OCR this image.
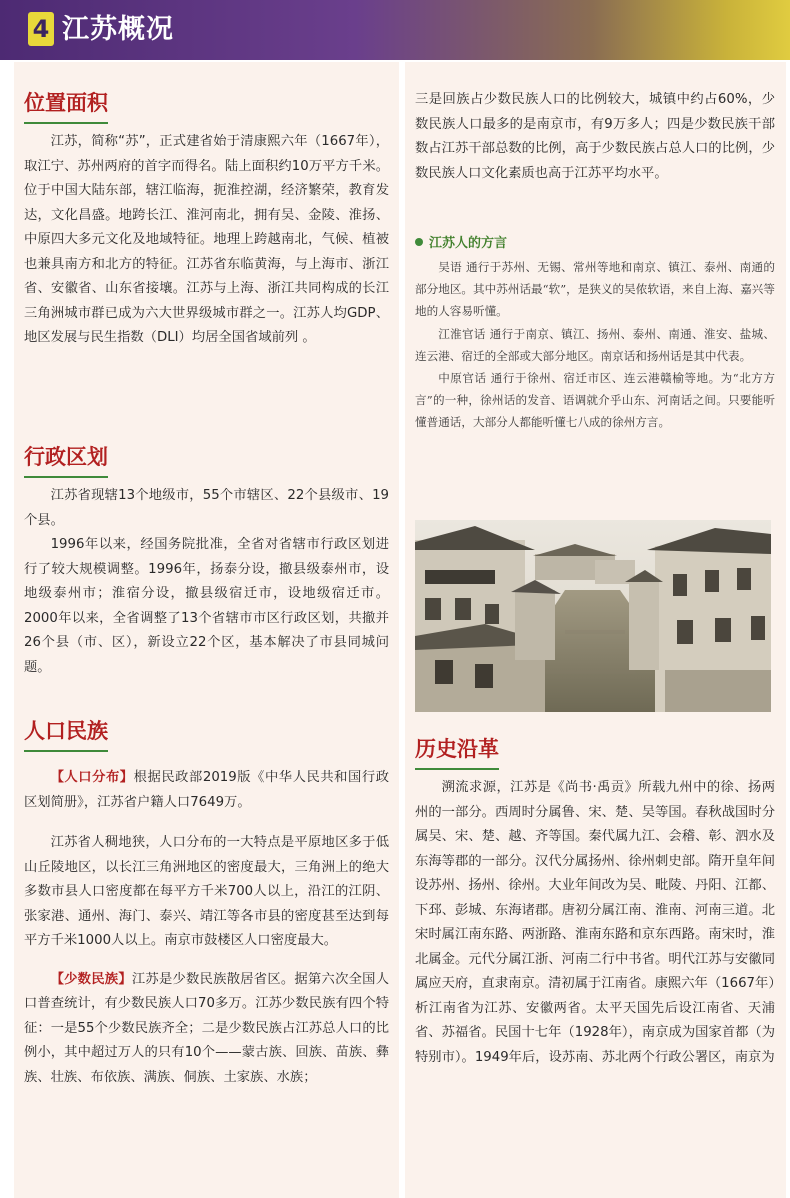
4 江苏概况
位置面积
江苏，简称“苏”，正式建省始于清康熙六年（1667年），取江宁、苏州两府的首字而得名。陆上面积约10万平方千米。位于中国大陆东部，辖江临海，扼淮控湖，经济繁荣，教育发达，文化昌盛。地跨长江、淮河南北，拥有吴、金陵、淮扬、中原四大多元文化及地域特征。地理上跨越南北，气候、植被也兼具南方和北方的特征。江苏省东临黄海，与上海市、浙江省、安徽省、山东省接壤。江苏与上海、浙江共同构成的长江三角洲城市群已成为六大世界级城市群之一。江苏人均GDP、地区发展与民生指数（DLI）均居全国省域前列 。
行政区划
江苏省现辖13个地级市，55个市辖区、22个县级市、19个县。
1996年以来，经国务院批准，全省对省辖市行政区划进行了较大规模调整。1996年，扬泰分设，撤县级泰州市，设地级泰州市；淮宿分设，撤县级宿迁市，设地级宿迁市。2000年以来，全省调整了13个省辖市市区行政区划，共撤并26个县（市、区），新设立22个区，基本解决了市县同城问题。
人口民族
【人口分布】根据民政部2019版《中华人民共和国行政区划简册》，江苏省户籍人口7649万。
江苏省人稠地狭，人口分布的一大特点是平原地区多于低山丘陵地区，以长江三角洲地区的密度最大，三角洲上的绝大多数市县人口密度都在每平方千米700人以上，沿江的江阴、张家港、通州、海门、泰兴、靖江等各市县的密度甚至达到每平方千米1000人以上。南京市鼓楼区人口密度最大。
【少数民族】江苏是少数民族散居省区。据第六次全国人口普查统计，有少数民族人口70多万。江苏少数民族有四个特征：一是55个少数民族齐全；二是少数民族占江苏总人口的比例小，其中超过万人的只有10个——蒙古族、回族、苗族、彝族、壮族、布依族、满族、侗族、土家族、水族；
三是回族占少数民族人口的比例较大，城镇中约占60%，少数民族人口最多的是南京市，有9万多人；四是少数民族干部数占江苏干部总数的比例，高于少数民族占总人口的比例，少数民族人口文化素质也高于江苏平均水平。
江苏人的方言
吴语 通行于苏州、无锡、常州等地和南京、镇江、泰州、南通的部分地区。其中苏州话最“软”，是狭义的吴侬软语，来自上海、嘉兴等地的人容易听懂。
江淮官话 通行于南京、镇江、扬州、泰州、南通、淮安、盐城、连云港、宿迁的全部或大部分地区。南京话和扬州话是其中代表。
中原官话 通行于徐州、宿迁市区、连云港赣榆等地。为“北方方言”的一种，徐州话的发音、语调就介乎山东、河南话之间。只要能听懂普通话，大部分人都能听懂七八成的徐州方言。
历史沿革
溯流求源，江苏是《尚书·禹贡》所载九州中的徐、扬两州的一部分。西周时分属鲁、宋、楚、吴等国。春秋战国时分属吴、宋、楚、越、齐等国。秦代属九江、会稽、彰、泗水及东海等郡的一部分。汉代分属扬州、徐州刺史部。隋开皇年间设苏州、扬州、徐州。大业年间改为吴、毗陵、丹阳、江都、下邳、彭城、东海诸郡。唐初分属江南、淮南、河南三道。北宋时属江南东路、两浙路、淮南东路和京东西路。南宋时，淮北属金。元代分属江浙、河南二行中书省。明代江苏与安徽同属应天府，直隶南京。清初属于江南省。康熙六年（1667年）析江南省为江苏、安徽两省。太平天国先后设江南省、天浦省、苏福省。民国十七年（1928年），南京成为国家首都（为特别市）。1949年后，设苏南、苏北两个行政公署区，南京为
